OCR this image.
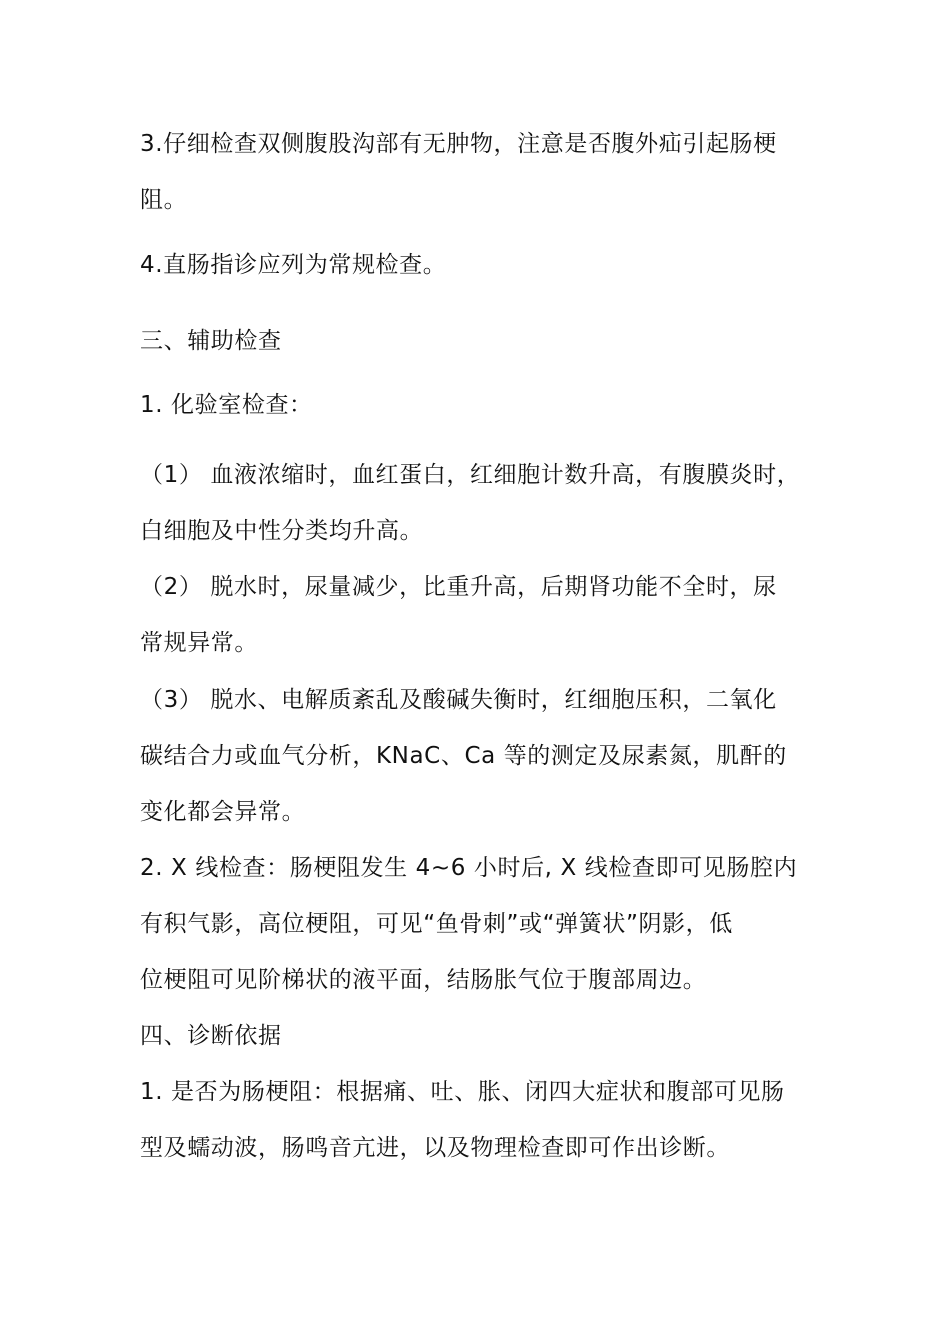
3.仔细检查双侧腹股沟部有无肿物，注意是否腹外疝引起肠梗
阻。
4.直肠指诊应列为常规检查。
三、辅助检查
1. 化验室检查：
（1） 血液浓缩时，血红蛋白，红细胞计数升高，有腹膜炎时，
白细胞及中性分类均升高。
（2） 脱水时，尿量减少，比重升高，后期肾功能不全时，尿
常规异常。
（3） 脱水、电解质紊乱及酸碱失衡时，红细胞压积，二氧化
碳结合力或血气分析，KNaC、Ca 等的测定及尿素氮，肌酐的
变化都会异常。
2. X 线检查：肠梗阻发生 4~6 小时后, X 线检查即可见肠腔内
有积气影，高位梗阻，可见“鱼骨刺”或“弹簧状”阴影，低
位梗阻可见阶梯状的液平面，结肠胀气位于腹部周边。
四、诊断依据
1. 是否为肠梗阻：根据痛、吐、胀、闭四大症状和腹部可见肠
型及蠕动波，肠鸣音亢进，以及物理检查即可作出诊断。
